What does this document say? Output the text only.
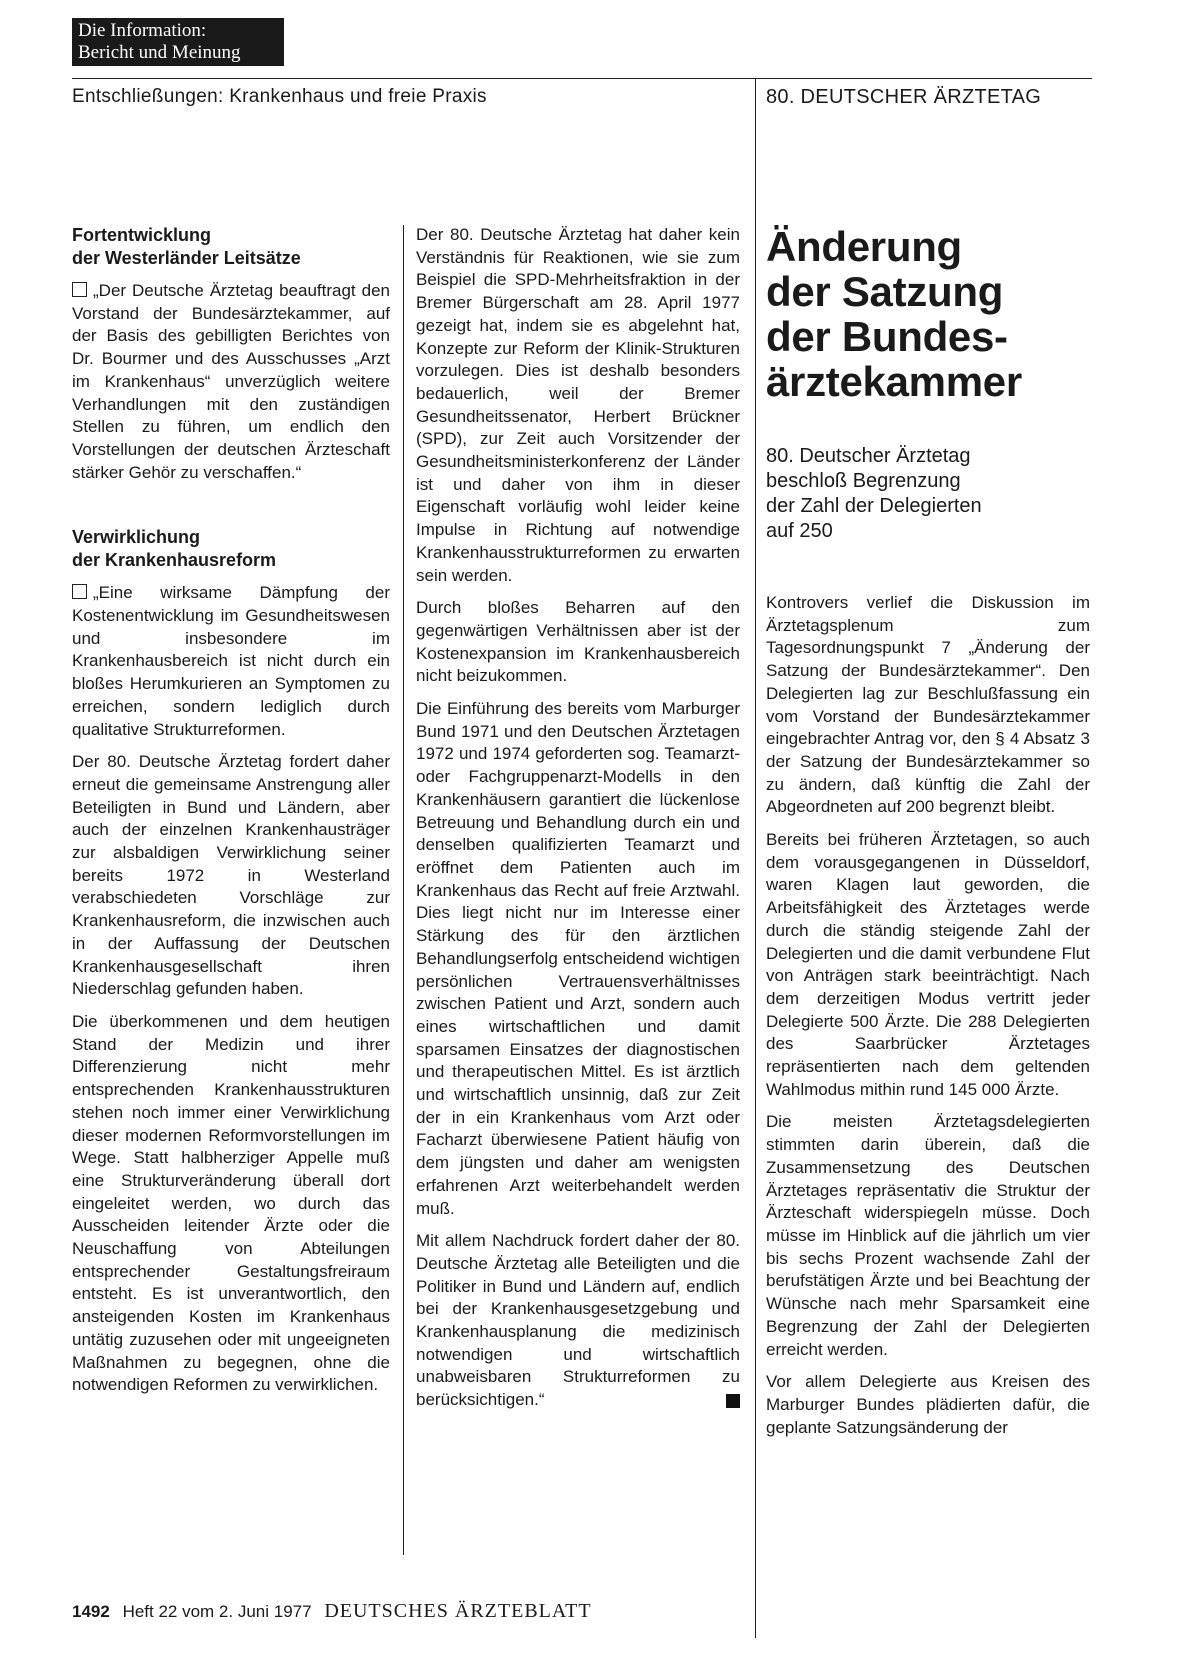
Die Information:
Bericht und Meinung
Entschließungen: Krankenhaus und freie Praxis	80. DEUTSCHER ÄRZTETAG
Fortentwicklung
der Westerländer Leitsätze

„Der Deutsche Ärztetag beauftragt den Vorstand der Bundesärztekammer, auf der Basis des gebilligten Berichtes von Dr. Bourmer und des Ausschusses „Arzt im Krankenhaus“ unverzüglich weitere Verhandlungen mit den zuständigen Stellen zu führen, um endlich den Vorstellungen der deutschen Ärzteschaft stärker Gehör zu verschaffen.“

Verwirklichung
der Krankenhausreform

„Eine wirksame Dämpfung der Kostenentwicklung im Gesundheitswesen und insbesondere im Krankenhausbereich ist nicht durch ein bloßes Herumkurieren an Symptomen zu erreichen, sondern lediglich durch qualitative Strukturreformen.

Der 80. Deutsche Ärztetag fordert daher erneut die gemeinsame Anstrengung aller Beteiligten in Bund und Ländern, aber auch der einzelnen Krankenhausträger zur alsbaldigen Verwirklichung seiner bereits 1972 in Westerland verabschiedeten Vorschläge zur Krankenhausreform, die inzwischen auch in der Auffassung der Deutschen Krankenhausgesellschaft ihren Niederschlag gefunden haben.

Die überkommenen und dem heutigen Stand der Medizin und ihrer Differenzierung nicht mehr entsprechenden Krankenhausstrukturen stehen noch immer einer Verwirklichung dieser modernen Reformvorstellungen im Wege. Statt halbherziger Appelle muß eine Strukturveränderung überall dort eingeleitet werden, wo durch das Ausscheiden leitender Ärzte oder die Neuschaffung von Abteilungen entsprechender Gestaltungsfreiraum entsteht. Es ist unverantwortlich, den ansteigenden Kosten im Krankenhaus untätig zuzusehen oder mit ungeeigneten Maßnahmen zu begegnen, ohne die notwendigen Reformen zu verwirklichen.

Der 80. Deutsche Ärztetag hat daher kein Verständnis für Reaktionen, wie sie zum Beispiel die SPD-Mehrheitsfraktion in der Bremer Bürgerschaft am 28. April 1977 gezeigt hat, indem sie es abgelehnt hat, Konzepte zur Reform der Klinik-Strukturen vorzulegen. Dies ist deshalb besonders bedauerlich, weil der Bremer Gesundheitssenator, Herbert Brückner (SPD), zur Zeit auch Vorsitzender der Gesundheitsministerkonferenz der Länder ist und daher von ihm in dieser Eigenschaft vorläufig wohl leider keine Impulse in Richtung auf notwendige Krankenhausstrukturreformen zu erwarten sein werden.

Durch bloßes Beharren auf den gegenwärtigen Verhältnissen aber ist der Kostenexpansion im Krankenhausbereich nicht beizukommen.

Die Einführung des bereits vom Marburger Bund 1971 und den Deutschen Ärztetagen 1972 und 1974 geforderten sog. Teamarzt- oder Fachgruppenarzt-Modells in den Krankenhäusern garantiert die lückenlose Betreuung und Behandlung durch ein und denselben qualifizierten Teamarzt und eröffnet dem Patienten auch im Krankenhaus das Recht auf freie Arztwahl. Dies liegt nicht nur im Interesse einer Stärkung des für den ärztlichen Behandlungserfolg entscheidend wichtigen persönlichen Vertrauensverhältnisses zwischen Patient und Arzt, sondern auch eines wirtschaftlichen und damit sparsamen Einsatzes der diagnostischen und therapeutischen Mittel. Es ist ärztlich und wirtschaftlich unsinnig, daß zur Zeit der in ein Krankenhaus vom Arzt oder Facharzt überwiesene Patient häufig von dem jüngsten und daher am wenigsten erfahrenen Arzt weiterbehandelt werden muß.

Mit allem Nachdruck fordert daher der 80. Deutsche Ärztetag alle Beteiligten und die Politiker in Bund und Ländern auf, endlich bei der Krankenhausgesetzgebung und Krankenhausplanung die medizinisch notwendigen und wirtschaftlich unabweisbaren Strukturreformen zu berücksichtigen.“

Änderung
der Satzung
der Bundes-
ärztekammer
80. Deutscher Ärztetag
beschloß Begrenzung
der Zahl der Delegierten
auf 250

Kontrovers verlief die Diskussion im Ärztetagsplenum zum Tagesordnungspunkt 7 „Änderung der Satzung der Bundesärztekammer“. Den Delegierten lag zur Beschlußfassung ein vom Vorstand der Bundesärztekammer eingebrachter Antrag vor, den § 4 Absatz 3 der Satzung der Bundesärztekammer so zu ändern, daß künftig die Zahl der Abgeordneten auf 200 begrenzt bleibt.

Bereits bei früheren Ärztetagen, so auch dem vorausgegangenen in Düsseldorf, waren Klagen laut geworden, die Arbeitsfähigkeit des Ärztetages werde durch die ständig steigende Zahl der Delegierten und die damit verbundene Flut von Anträgen stark beeinträchtigt. Nach dem derzeitigen Modus vertritt jeder Delegierte 500 Ärzte. Die 288 Delegierten des Saarbrücker Ärztetages repräsentierten nach dem geltenden Wahlmodus mithin rund 145 000 Ärzte.

Die meisten Ärztetagsdelegierten stimmten darin überein, daß die Zusammensetzung des Deutschen Ärztetages repräsentativ die Struktur der Ärzteschaft widerspiegeln müsse. Doch müsse im Hinblick auf die jährlich um vier bis sechs Prozent wachsende Zahl der berufstätigen Ärzte und bei Beachtung der Wünsche nach mehr Sparsamkeit eine Begrenzung der Zahl der Delegierten erreicht werden.

Vor allem Delegierte aus Kreisen des Marburger Bundes plädierten dafür, die geplante Satzungsänderung der

1492 Heft 22 vom 2. Juni 1977 DEUTSCHES ÄRZTEBLATT
